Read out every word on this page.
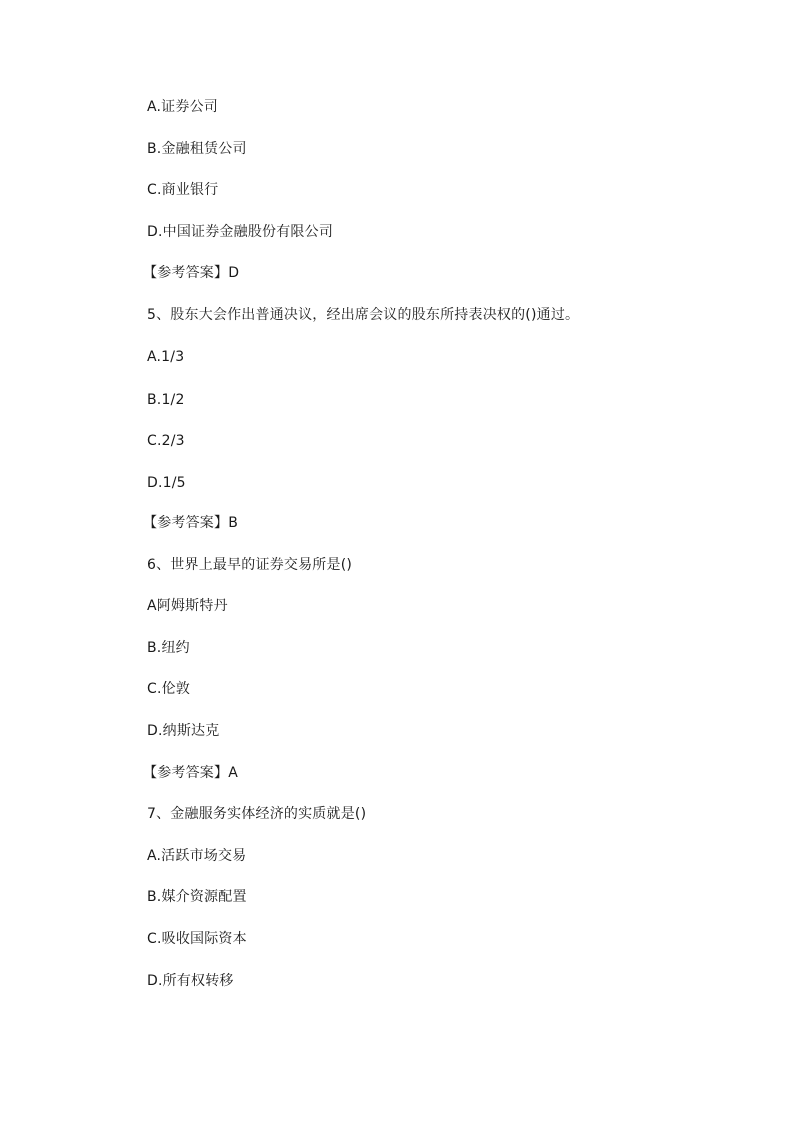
A.证券公司
B.金融租赁公司
C.商业银行
D.中国证券金融股份有限公司
【参考答案】D
5、股东大会作出普通决议，经出席会议的股东所持表决权的()通过。
A.1/3
B.1/2
C.2/3
D.1/5
【参考答案】B
6、世界上最早的证券交易所是()
A阿姆斯特丹
B.纽约
C.伦敦
D.纳斯达克
【参考答案】A
7、金融服务实体经济的实质就是()
A.活跃市场交易
B.媒介资源配置
C.吸收国际资本
D.所有权转移
